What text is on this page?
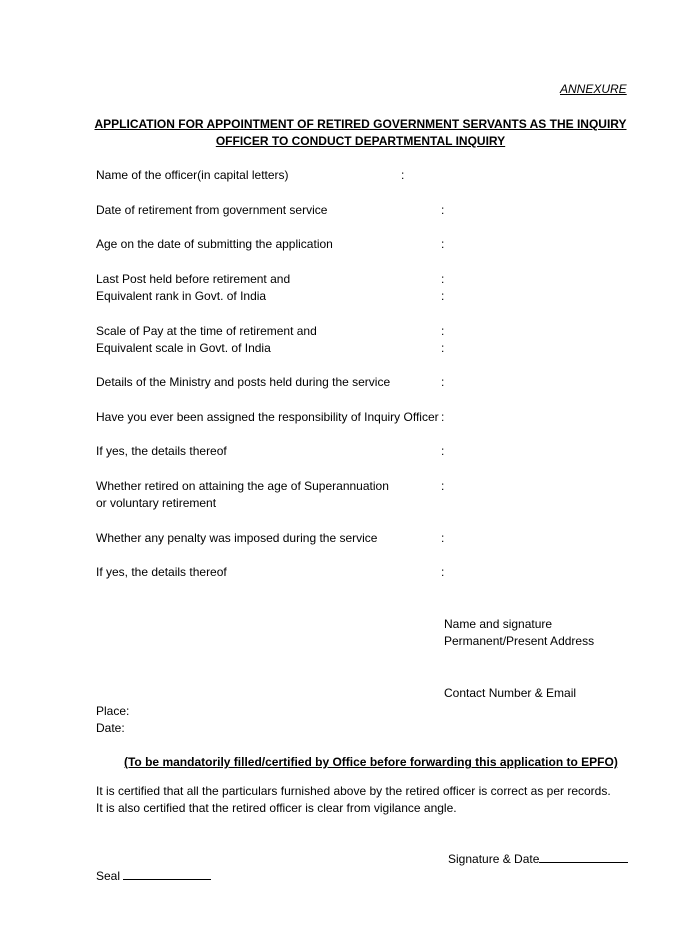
ANNEXURE
APPLICATION FOR APPOINTMENT OF RETIRED GOVERNMENT SERVANTS AS THE INQUIRY
OFFICER TO CONDUCT DEPARTMENTAL INQUIRY
Name of the officer(in capital letters)	:
Date of retirement from government service	:
Age on the date of submitting the application	:
Last Post held before retirement and	:
Equivalent rank in Govt. of India	:
Scale of Pay at the time of retirement and	:
Equivalent scale in Govt. of India	:
Details of the Ministry and posts held during the service	:
Have you ever been assigned the responsibility of Inquiry Officer :
If yes, the details thereof	:
Whether retired on attaining the age of Superannuation	:
or voluntary retirement
Whether any penalty was imposed during the service	:
If yes, the details thereof	:
Name and signature
Permanent/Present Address
Contact Number & Email
Place:
Date:
(To be mandatorily filled/certified by Office before forwarding this application to EPFO)
It is certified that all the particulars furnished above by the retired officer is correct as per records.
It is also certified that the retired officer is clear from vigilance angle.
Signature & Date
Seal
